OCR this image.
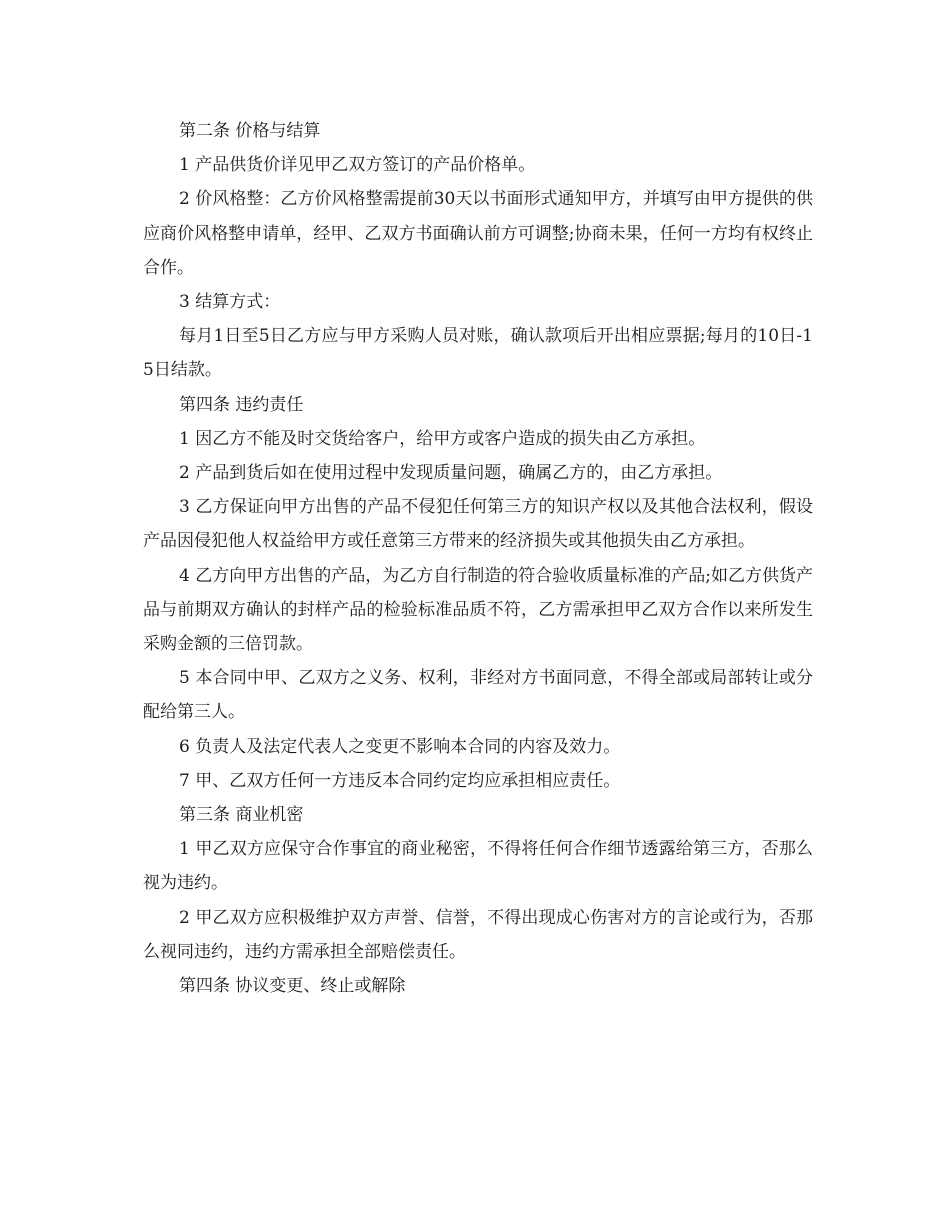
第二条 价格与结算

1 产品供货价详见甲乙双方签订的产品价格单。

2 价风格整：乙方价风格整需提前30天以书面形式通知甲方，并填写由甲方提供的供应商价风格整申请单，经甲、乙双方书面确认前方可调整;协商未果，任何一方均有权终止合作。

3 结算方式：

每月1日至5日乙方应与甲方采购人员对账，确认款项后开出相应票据;每月的10日-15日结款。

第四条 违约责任

1 因乙方不能及时交货给客户，给甲方或客户造成的损失由乙方承担。

2 产品到货后如在使用过程中发现质量问题，确属乙方的，由乙方承担。

3 乙方保证向甲方出售的产品不侵犯任何第三方的知识产权以及其他合法权利，假设产品因侵犯他人权益给甲方或任意第三方带来的经济损失或其他损失由乙方承担。

4 乙方向甲方出售的产品，为乙方自行制造的符合验收质量标准的产品;如乙方供货产品与前期双方确认的封样产品的检验标准品质不符，乙方需承担甲乙双方合作以来所发生采购金额的三倍罚款。

5 本合同中甲、乙双方之义务、权利，非经对方书面同意，不得全部或局部转让或分配给第三人。

6 负责人及法定代表人之变更不影响本合同的内容及效力。

7 甲、乙双方任何一方违反本合同约定均应承担相应责任。

第三条 商业机密

1 甲乙双方应保守合作事宜的商业秘密，不得将任何合作细节透露给第三方，否那么视为违约。

2 甲乙双方应积极维护双方声誉、信誉，不得出现成心伤害对方的言论或行为，否那么视同违约，违约方需承担全部赔偿责任。

第四条 协议变更、终止或解除
